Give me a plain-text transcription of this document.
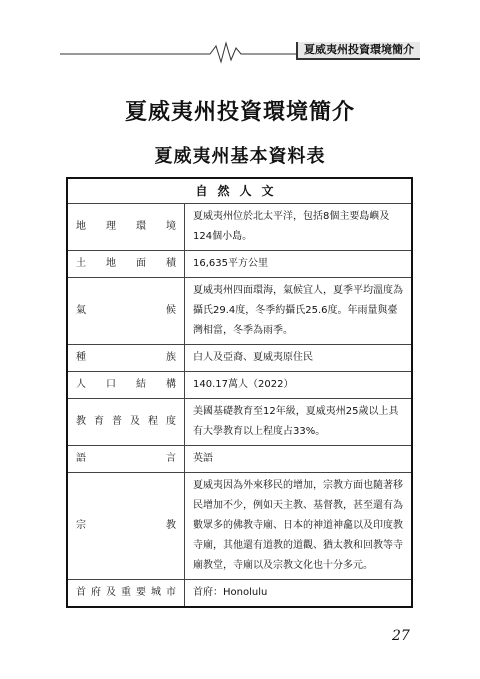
夏威夷州投資環境簡介
夏威夷州投資環境簡介
夏威夷州基本資料表
自然人文	

地理環境	夏威夷州位於北太平洋，包括8個主要島嶼及124個小島。

土地面積	16,635平方公里

氣候	夏威夷州四面環海，氣候宜人，夏季平均溫度為攝氏29.4度，冬季約攝氏25.6度。年雨量與臺灣相當，冬季為雨季。

種族	白人及亞裔、夏威夷原住民

人口結構	140.17萬人（2022）

教育普及程度	美國基礎教育至12年級，夏威夷州25歲以上具有大學教育以上程度占33%。

語言	英語

宗教	夏威夷因為外來移民的增加，宗教方面也隨著移民增加不少，例如天主教、基督教，甚至還有為數眾多的佛教寺廟、日本的神道神龕以及印度教寺廟，其他還有道教的道觀、猶太教和回教等寺廟教堂，寺廟以及宗教文化也十分多元。

首府及重要城市	首府：Honolulu
27
